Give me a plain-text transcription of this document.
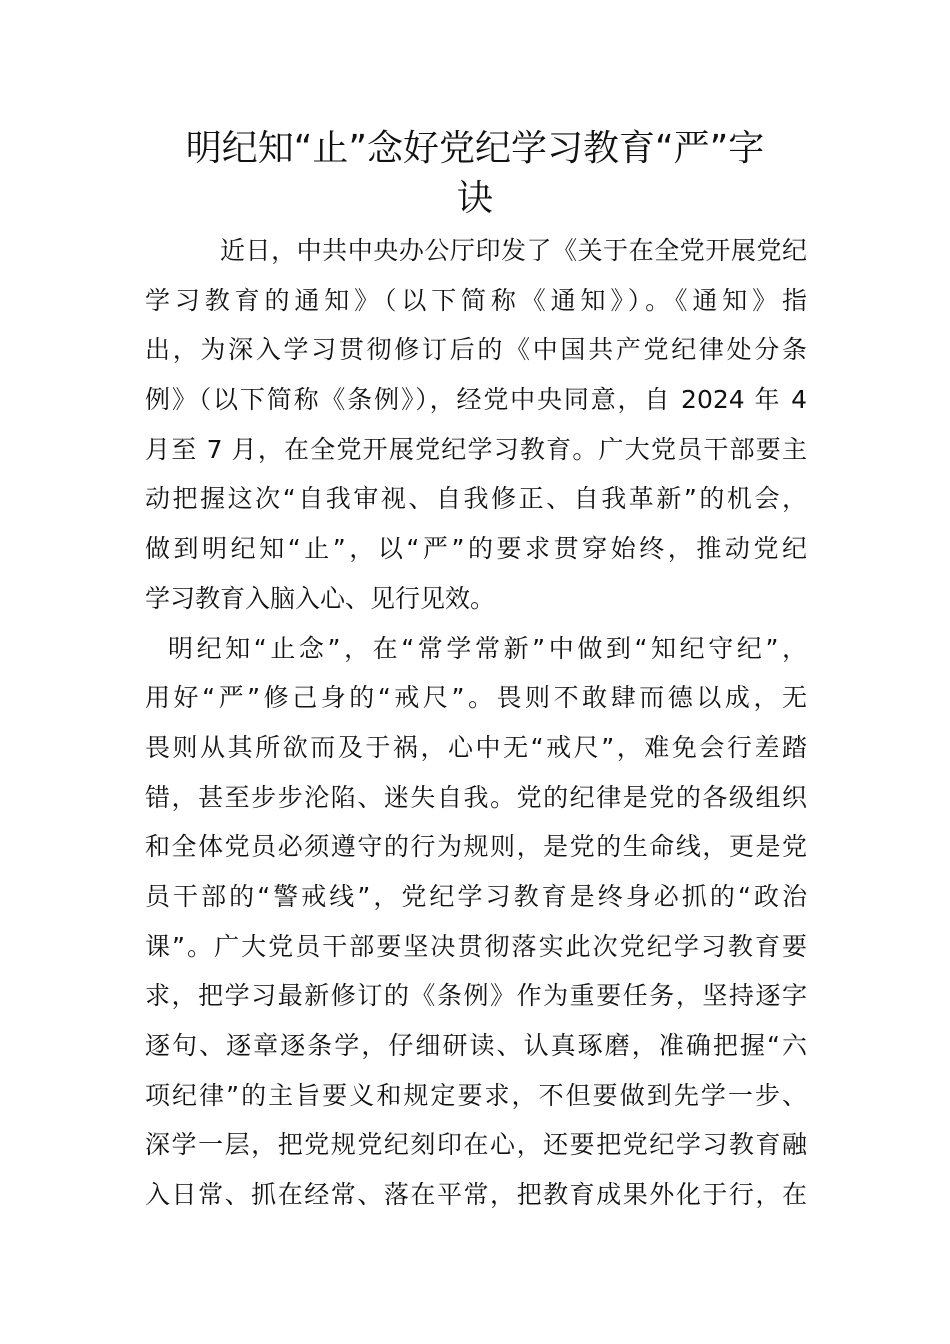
明纪知“止”念好党纪学习教育“严”字
诀
近日，中共中央办公厅印发了《关于在全党开展党纪
学习教育的通知》（以下简称《通知》）。《通知》指
出，为深入学习贯彻修订后的《中国共产党纪律处分条
例》（以下简称《条例》），经党中央同意，自 2024 年 4
月至 7 月，在全党开展党纪学习教育。广大党员干部要主
动把握这次“自我审视、自我修正、自我革新”的机会，
做到明纪知“止”，以“严”的要求贯穿始终，推动党纪
学习教育入脑入心、见行见效。
明纪知“止念”，在“常学常新”中做到“知纪守纪”，
用好“严”修己身的“戒尺”。畏则不敢肆而德以成，无
畏则从其所欲而及于祸，心中无“戒尺”，难免会行差踏
错，甚至步步沦陷、迷失自我。党的纪律是党的各级组织
和全体党员必须遵守的行为规则，是党的生命线，更是党
员干部的“警戒线”，党纪学习教育是终身必抓的“政治
课”。广大党员干部要坚决贯彻落实此次党纪学习教育要
求，把学习最新修订的《条例》作为重要任务，坚持逐字
逐句、逐章逐条学，仔细研读、认真琢磨，准确把握“六
项纪律”的主旨要义和规定要求，不但要做到先学一步、
深学一层，把党规党纪刻印在心，还要把党纪学习教育融
入日常、抓在经常、落在平常，把教育成果外化于行，在
